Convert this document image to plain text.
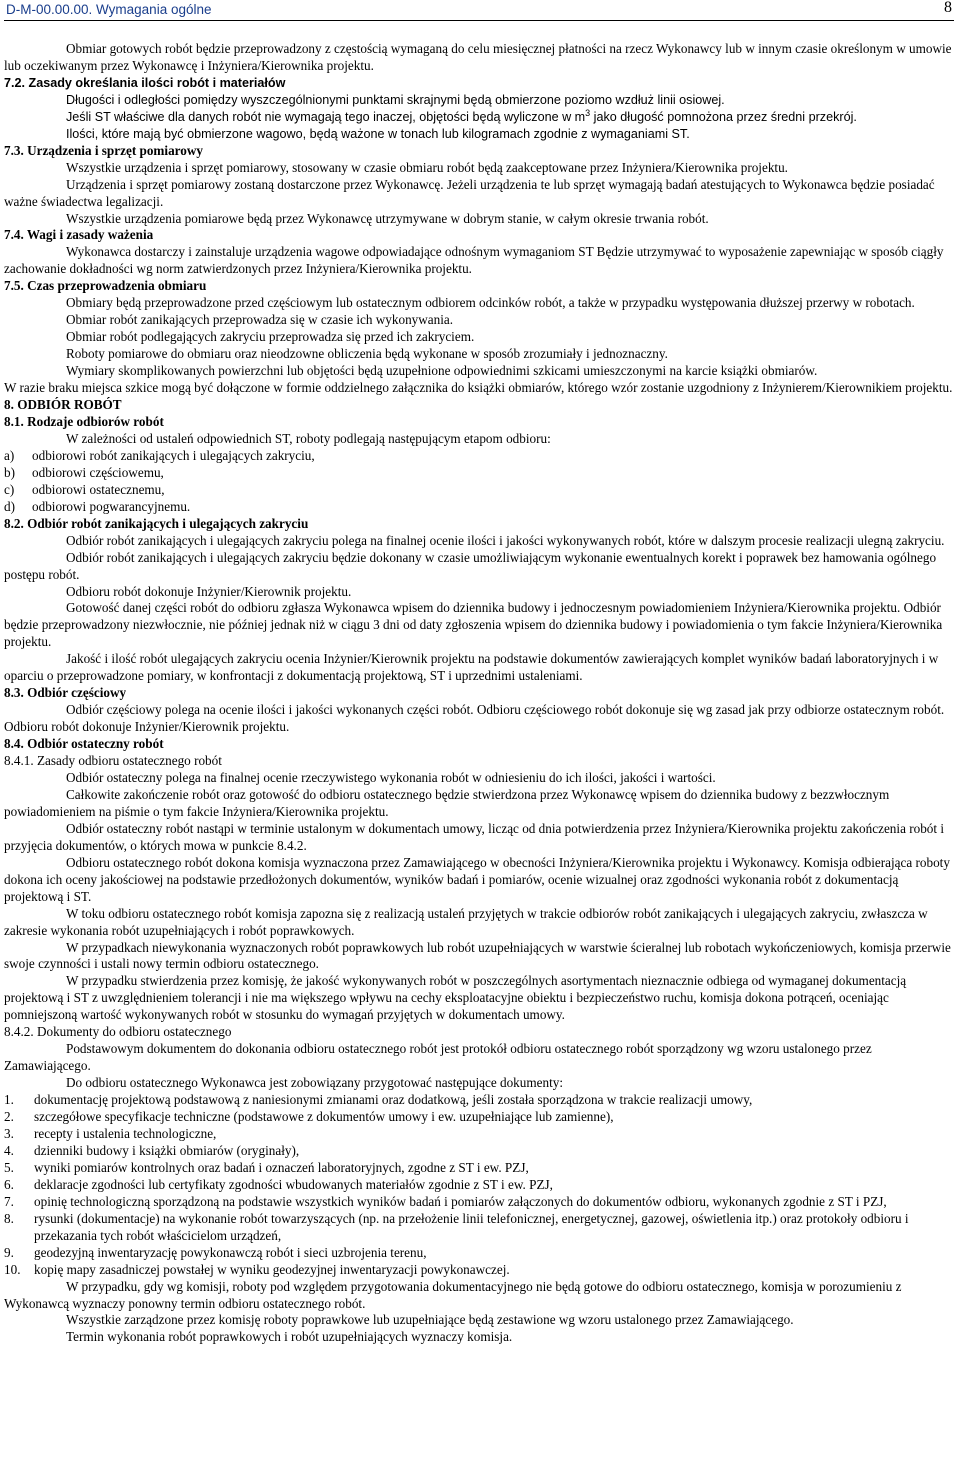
D-M-00.00.00. Wymagania ogólne	8

Obmiar gotowych robót będzie przeprowadzony z częstością wymaganą do celu miesięcznej płatności na rzecz Wykonawcy lub w innym czasie określonym w umowie lub oczekiwanym przez Wykonawcę i Inżyniera/Kierownika projektu.

7.2. Zasady określania ilości robót i materiałów

Długości i odległości pomiędzy wyszczególnionymi punktami skrajnymi będą obmierzone poziomo wzdłuż linii osiowej.

Jeśli ST właściwe dla danych robót nie wymagają tego inaczej, objętości będą wyliczone w $m^3$ jako długość pomnożona przez średni przekrój.

Ilości, które mają być obmierzone wagowo, będą ważone w tonach lub kilogramach zgodnie z wymaganiami ST.

7.3. Urządzenia i sprzęt pomiarowy

Wszystkie urządzenia i sprzęt pomiarowy, stosowany w czasie obmiaru robót będą zaakceptowane przez Inżyniera/Kierownika projektu.

Urządzenia i sprzęt pomiarowy zostaną dostarczone przez Wykonawcę. Jeżeli urządzenia te lub sprzęt wymagają badań atestujących to Wykonawca będzie posiadać ważne świadectwa legalizacji.

Wszystkie urządzenia pomiarowe będą przez Wykonawcę utrzymywane w dobrym stanie, w całym okresie trwania robót.

7.4. Wagi i zasady ważenia

Wykonawca dostarczy i zainstaluje urządzenia wagowe odpowiadające odnośnym wymaganiom ST Będzie utrzymywać to wyposażenie zapewniając w sposób ciągły zachowanie dokładności wg norm zatwierdzonych przez Inżyniera/Kierownika projektu.

7.5. Czas przeprowadzenia obmiaru

Obmiary będą przeprowadzone przed częściowym lub ostatecznym odbiorem odcinków robót, a także w przypadku występowania dłuższej przerwy w robotach.

Obmiar robót zanikających przeprowadza się w czasie ich wykonywania.

Obmiar robót podlegających zakryciu przeprowadza się przed ich zakryciem.

Roboty pomiarowe do obmiaru oraz nieodzowne obliczenia będą wykonane w sposób zrozumiały i jednoznaczny.

Wymiary skomplikowanych powierzchni lub objętości będą uzupełnione odpowiednimi szkicami umieszczonymi na karcie książki obmiarów.

W razie braku miejsca szkice mogą być dołączone w formie oddzielnego załącznika do książki obmiarów, którego wzór zostanie uzgodniony z Inżynierem/Kierownikiem projektu.

8. ODBIÓR ROBÓT

8.1. Rodzaje odbiorów robót

W zależności od ustaleń odpowiednich ST, roboty podlegają następującym etapom odbioru:

a) odbiorowi robót zanikających i ulegających zakryciu,
b) odbiorowi częściowemu,
c) odbiorowi ostatecznemu,
d) odbiorowi pogwarancyjnemu.

8.2. Odbiór robót zanikających i ulegających zakryciu

Odbiór robót zanikających i ulegających zakryciu polega na finalnej ocenie ilości i jakości wykonywanych robót, które w dalszym procesie realizacji ulegną zakryciu.

Odbiór robót zanikających i ulegających zakryciu będzie dokonany w czasie umożliwiającym wykonanie ewentualnych korekt i poprawek bez hamowania ogólnego postępu robót.

Odbioru robót dokonuje Inżynier/Kierownik projektu.

Gotowość danej części robót do odbioru zgłasza Wykonawca wpisem do dziennika budowy i jednoczesnym powiadomieniem Inżyniera/Kierownika projektu. Odbiór będzie przeprowadzony niezwłocznie, nie później jednak niż w ciągu 3 dni od daty zgłoszenia wpisem do dziennika budowy i powiadomienia o tym fakcie Inżyniera/Kierownika projektu.

Jakość i ilość robót ulegających zakryciu ocenia Inżynier/Kierownik projektu na podstawie dokumentów zawierających komplet wyników badań laboratoryjnych i w oparciu o przeprowadzone pomiary, w konfrontacji z dokumentacją projektową, ST i uprzednimi ustaleniami.

8.3. Odbiór częściowy

Odbiór częściowy polega na ocenie ilości i jakości wykonanych części robót. Odbioru częściowego robót dokonuje się wg zasad jak przy odbiorze ostatecznym robót. Odbioru robót dokonuje Inżynier/Kierownik projektu.

8.4. Odbiór ostateczny robót

8.4.1. Zasady odbioru ostatecznego robót

Odbiór ostateczny polega na finalnej ocenie rzeczywistego wykonania robót w odniesieniu do ich ilości, jakości i wartości.

Całkowite zakończenie robót oraz gotowość do odbioru ostatecznego będzie stwierdzona przez Wykonawcę wpisem do dziennika budowy z bezzwłocznym powiadomieniem na piśmie o tym fakcie Inżyniera/Kierownika projektu.

Odbiór ostateczny robót nastąpi w terminie ustalonym w dokumentach umowy, licząc od dnia potwierdzenia przez Inżyniera/Kierownika projektu zakończenia robót i przyjęcia dokumentów, o których mowa w punkcie 8.4.2.

Odbioru ostatecznego robót dokona komisja wyznaczona przez Zamawiającego w obecności Inżyniera/Kierownika projektu i Wykonawcy. Komisja odbierająca roboty dokona ich oceny jakościowej na podstawie przedłożonych dokumentów, wyników badań i pomiarów, ocenie wizualnej oraz zgodności wykonania robót z dokumentacją projektową i ST.

W toku odbioru ostatecznego robót komisja zapozna się z realizacją ustaleń przyjętych w trakcie odbiorów robót zanikających i ulegających zakryciu, zwłaszcza w zakresie wykonania robót uzupełniających i robót poprawkowych.

W przypadkach niewykonania wyznaczonych robót poprawkowych lub robót uzupełniających w warstwie ścieralnej lub robotach wykończeniowych, komisja przerwie swoje czynności i ustali nowy termin odbioru ostatecznego.

W przypadku stwierdzenia przez komisję, że jakość wykonywanych robót w poszczególnych asortymentach nieznacznie odbiega od wymaganej dokumentacją projektową i ST z uwzględnieniem tolerancji i nie ma większego wpływu na cechy eksploatacyjne obiektu i bezpieczeństwo ruchu, komisja dokona potrąceń, oceniając pomniejszoną wartość wykonywanych robót w stosunku do wymagań przyjętych w dokumentach umowy.

8.4.2. Dokumenty do odbioru ostatecznego

Podstawowym dokumentem do dokonania odbioru ostatecznego robót jest protokół odbioru ostatecznego robót sporządzony wg wzoru ustalonego przez Zamawiającego.

Do odbioru ostatecznego Wykonawca jest zobowiązany przygotować następujące dokumenty:

1. dokumentację projektową podstawową z naniesionymi zmianami oraz dodatkową, jeśli została sporządzona w trakcie realizacji umowy,
2. szczegółowe specyfikacje techniczne (podstawowe z dokumentów umowy i ew. uzupełniające lub zamienne),
3. recepty i ustalenia technologiczne,
4. dzienniki budowy i książki obmiarów (oryginały),
5. wyniki pomiarów kontrolnych oraz badań i oznaczeń laboratoryjnych, zgodne z ST i ew. PZJ,
6. deklaracje zgodności lub certyfikaty zgodności wbudowanych materiałów zgodnie z ST i ew. PZJ,
7. opinię technologiczną sporządzoną na podstawie wszystkich wyników badań i pomiarów załączonych do dokumentów odbioru, wykonanych zgodnie z ST i PZJ,
8. rysunki (dokumentacje) na wykonanie robót towarzyszących (np. na przełożenie linii telefonicznej, energetycznej, gazowej, oświetlenia itp.) oraz protokoły odbioru i przekazania tych robót właścicielom urządzeń,
9. geodezyjną inwentaryzację powykonawczą robót i sieci uzbrojenia terenu,
10. kopię mapy zasadniczej powstałej w wyniku geodezyjnej inwentaryzacji powykonawczej.

W przypadku, gdy wg komisji, roboty pod względem przygotowania dokumentacyjnego nie będą gotowe do odbioru ostatecznego, komisja w porozumieniu z Wykonawcą wyznaczy ponowny termin odbioru ostatecznego robót.

Wszystkie zarządzone przez komisję roboty poprawkowe lub uzupełniające będą zestawione wg wzoru ustalonego przez Zamawiającego.

Termin wykonania robót poprawkowych i robót uzupełniających wyznaczy komisja.
